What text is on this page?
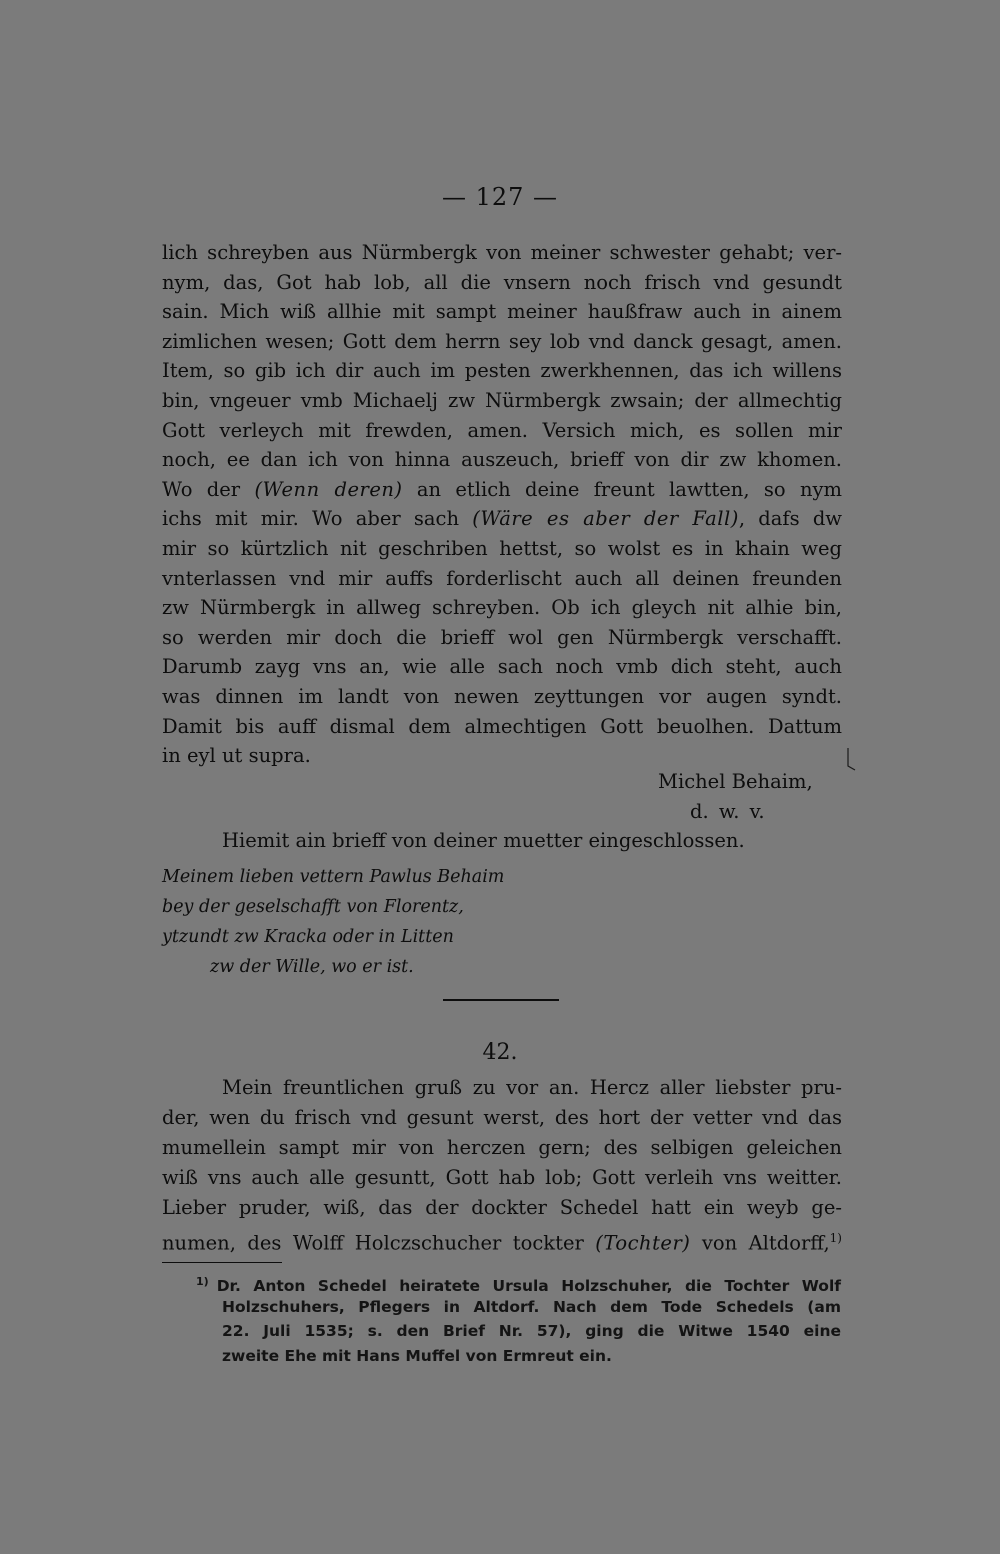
— 127 —
lich schreyben aus Nürmbergk von meiner schwester gehabt; ver-
nym, das, Got hab lob, all die vnsern noch frisch vnd gesundt
sain. Mich wiß allhie mit sampt meiner haußfraw auch in ainem
zimlichen wesen; Gott dem herrn sey lob vnd danck gesagt, amen.
Item, so gib ich dir auch im pesten zwerkhennen, das ich willens
bin, vngeuer vmb Michaelj zw Nürmbergk zwsain; der allmechtig
Gott verleych mit frewden, amen. Versich mich, es sollen mir
noch, ee dan ich von hinna auszeuch, brieff von dir zw khomen.
Wo der (Wenn deren) an etlich deine freunt lawtten, so nym
ichs mit mir. Wo aber sach (Wäre es aber der Fall), dafs dw
mir so kürtzlich nit geschriben hettst, so wolst es in khain weg
vnterlassen vnd mir auffs forderlischt auch all deinen freunden
zw Nürmbergk in allweg schreyben. Ob ich gleych nit alhie bin,
so werden mir doch die brieff wol gen Nürmbergk verschafft.
Darumb zayg vns an, wie alle sach noch vmb dich steht, auch
was dinnen im landt von newen zeyttungen vor augen syndt.
Damit bis auff dismal dem almechtigen Gott beuolhen. Dattum
in eyl ut supra.
Michel Behaim,
d. w. v.
Hiemit ain brieff von deiner muetter eingeschlossen.
Meinem lieben vettern Pawlus Behaim
bey der geselschafft von Florentz,
ytzundt zw Kracka oder in Litten
zw der Wille, wo er ist.
42.
Mein freuntlichen gruß zu vor an. Hercz aller liebster pru-
der, wen du frisch vnd gesunt werst, des hort der vetter vnd das
mumellein sampt mir von herczen gern; des selbigen geleichen
wiß vns auch alle gesuntt, Gott hab lob; Gott verleih vns weitter.
Lieber pruder, wiß, das der dockter Schedel hatt ein weyb ge-
numen, des Wolff Holczschucher tockter (Tochter) von Altdorff,$^{1)}$
$^{1)}$ Dr. Anton Schedel heiratete Ursula Holzschuher, die Tochter Wolf
Holzschuhers, Pflegers in Altdorf. Nach dem Tode Schedels (am
22. Juli 1535; s. den Brief Nr. 57), ging die Witwe 1540 eine
zweite Ehe mit Hans Muffel von Ermreut ein.
